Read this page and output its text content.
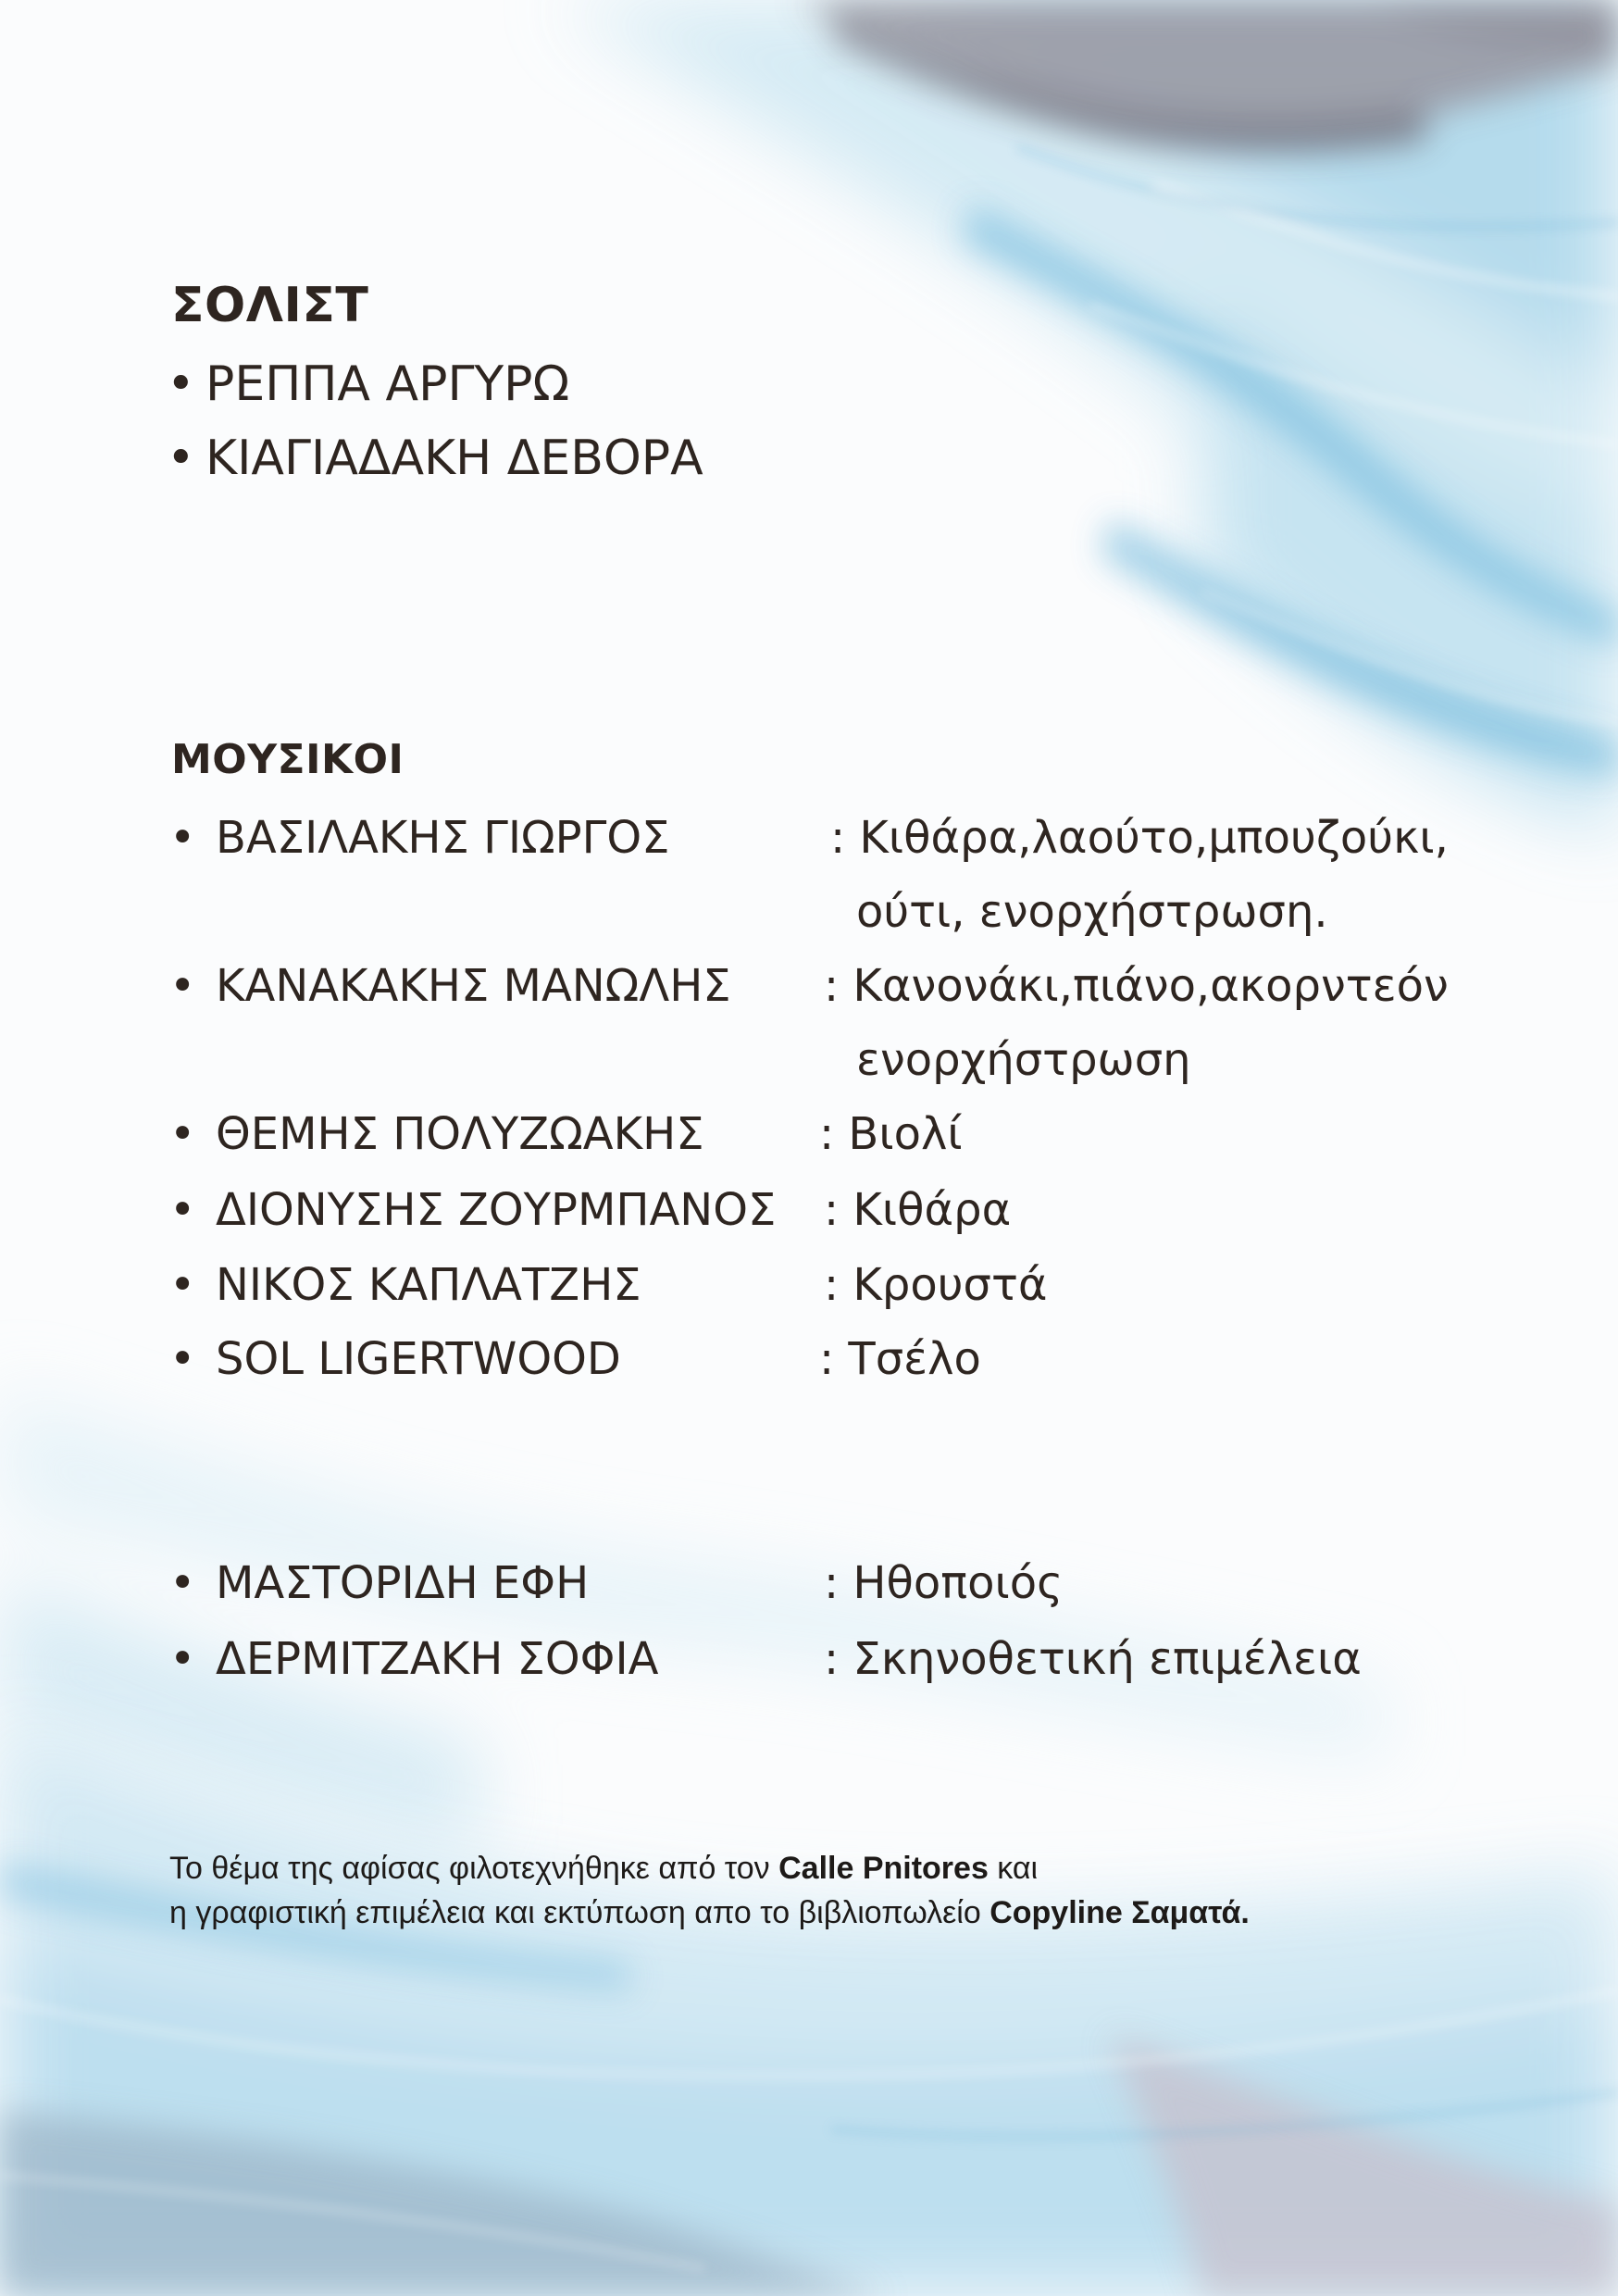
ΣΟΛΙΣΤ
• ΡΕΠΠΑ ΑΡΓΥΡΩ
• ΚΙΑΓΙΑΔΑΚΗ ΔΕΒΟΡΑ
ΜΟΥΣΙΚΟΙ
• ΒΑΣΙΛΑΚΗΣ ΓΙΩΡΓΟΣ	: Κιθάρα,λαούτο,μπουζούκι,
ούτι, ενορχήστρωση.
• ΚΑΝΑΚΑΚΗΣ ΜΑΝΩΛΗΣ : Κανονάκι,πιάνο,ακορντεόν
ενορχήστρωση
• ΘΕΜΗΣ ΠΟΛΥΖΩΑΚΗΣ	: Βιολί
• ΔΙΟΝΥΣΗΣ ΖΟΥΡΜΠΑΝΟΣ : Κιθάρα
• ΝΙΚΟΣ ΚΑΠΛΑΤΖΗΣ	: Κρουστά
• SOL LIGERTWOOD	: Τσέλο
• ΜΑΣΤΟΡΙΔΗ ΕΦΗ	: Ηθοποιός
• ΔΕΡΜΙΤΖΑΚΗ ΣΟΦΙΑ	: Σκηνοθετική επιμέλεια
Το θέμα της αφίσας φιλοτεχνήθηκε από τον Calle Pnitores και
η γραφιστική επιμέλεια και εκτύπωση απο το βιβλιοπωλείο Copyline Σαματά.
